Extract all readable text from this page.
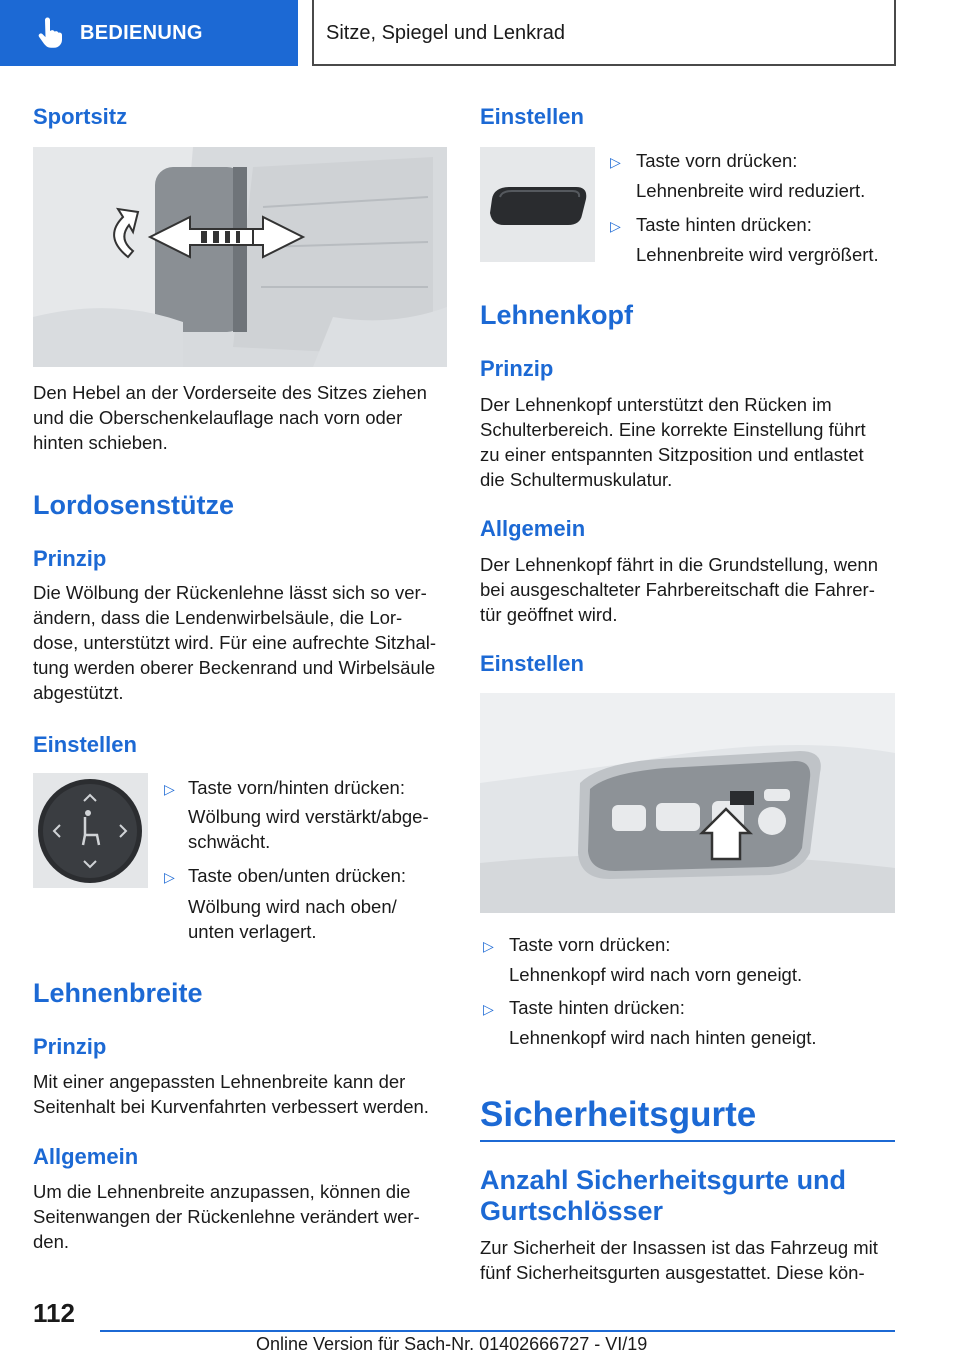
BEDIENUNG	Sitze, Spiegel und Lenkrad
Sportsitz
Den Hebel an der Vorderseite des Sitzes ziehen
und die Oberschenkelauflage nach vorn oder
hinten schieben.
Lordosenstütze
Prinzip
Die Wölbung der Rückenlehne lässt sich so ver-
ändern, dass die Lendenwirbelsäule, die Lor-
dose, unterstützt wird. Für eine aufrechte Sitzhal-
tung werden oberer Beckenrand und Wirbelsäule
abgestützt.
Einstellen
▷ Taste vorn/hinten drücken:
Wölbung wird verstärkt/abge-
schwächt.
▷ Taste oben/unten drücken:
Wölbung wird nach oben/
unten verlagert.
Lehnenbreite
Prinzip
Mit einer angepassten Lehnenbreite kann der
Seitenhalt bei Kurvenfahrten verbessert werden.
Allgemein
Um die Lehnenbreite anzupassen, können die
Seitenwangen der Rückenlehne verändert wer-
den.
Einstellen
▷ Taste vorn drücken:
Lehnenbreite wird reduziert.
▷ Taste hinten drücken:
Lehnenbreite wird vergrößert.
Lehnenkopf
Prinzip
Der Lehnenkopf unterstützt den Rücken im
Schulterbereich. Eine korrekte Einstellung führt
zu einer entspannten Sitzposition und entlastet
die Schultermuskulatur.
Allgemein
Der Lehnenkopf fährt in die Grundstellung, wenn
bei ausgeschalteter Fahrbereitschaft die Fahrer-
tür geöffnet wird.
Einstellen
▷ Taste vorn drücken:
Lehnenkopf wird nach vorn geneigt.
▷ Taste hinten drücken:
Lehnenkopf wird nach hinten geneigt.
Sicherheitsgurte
Anzahl Sicherheitsgurte und
Gurtschlösser
Zur Sicherheit der Insassen ist das Fahrzeug mit
fünf Sicherheitsgurten ausgestattet. Diese kön-
112
Online Version für Sach-Nr. 01402666727 - VI/19
